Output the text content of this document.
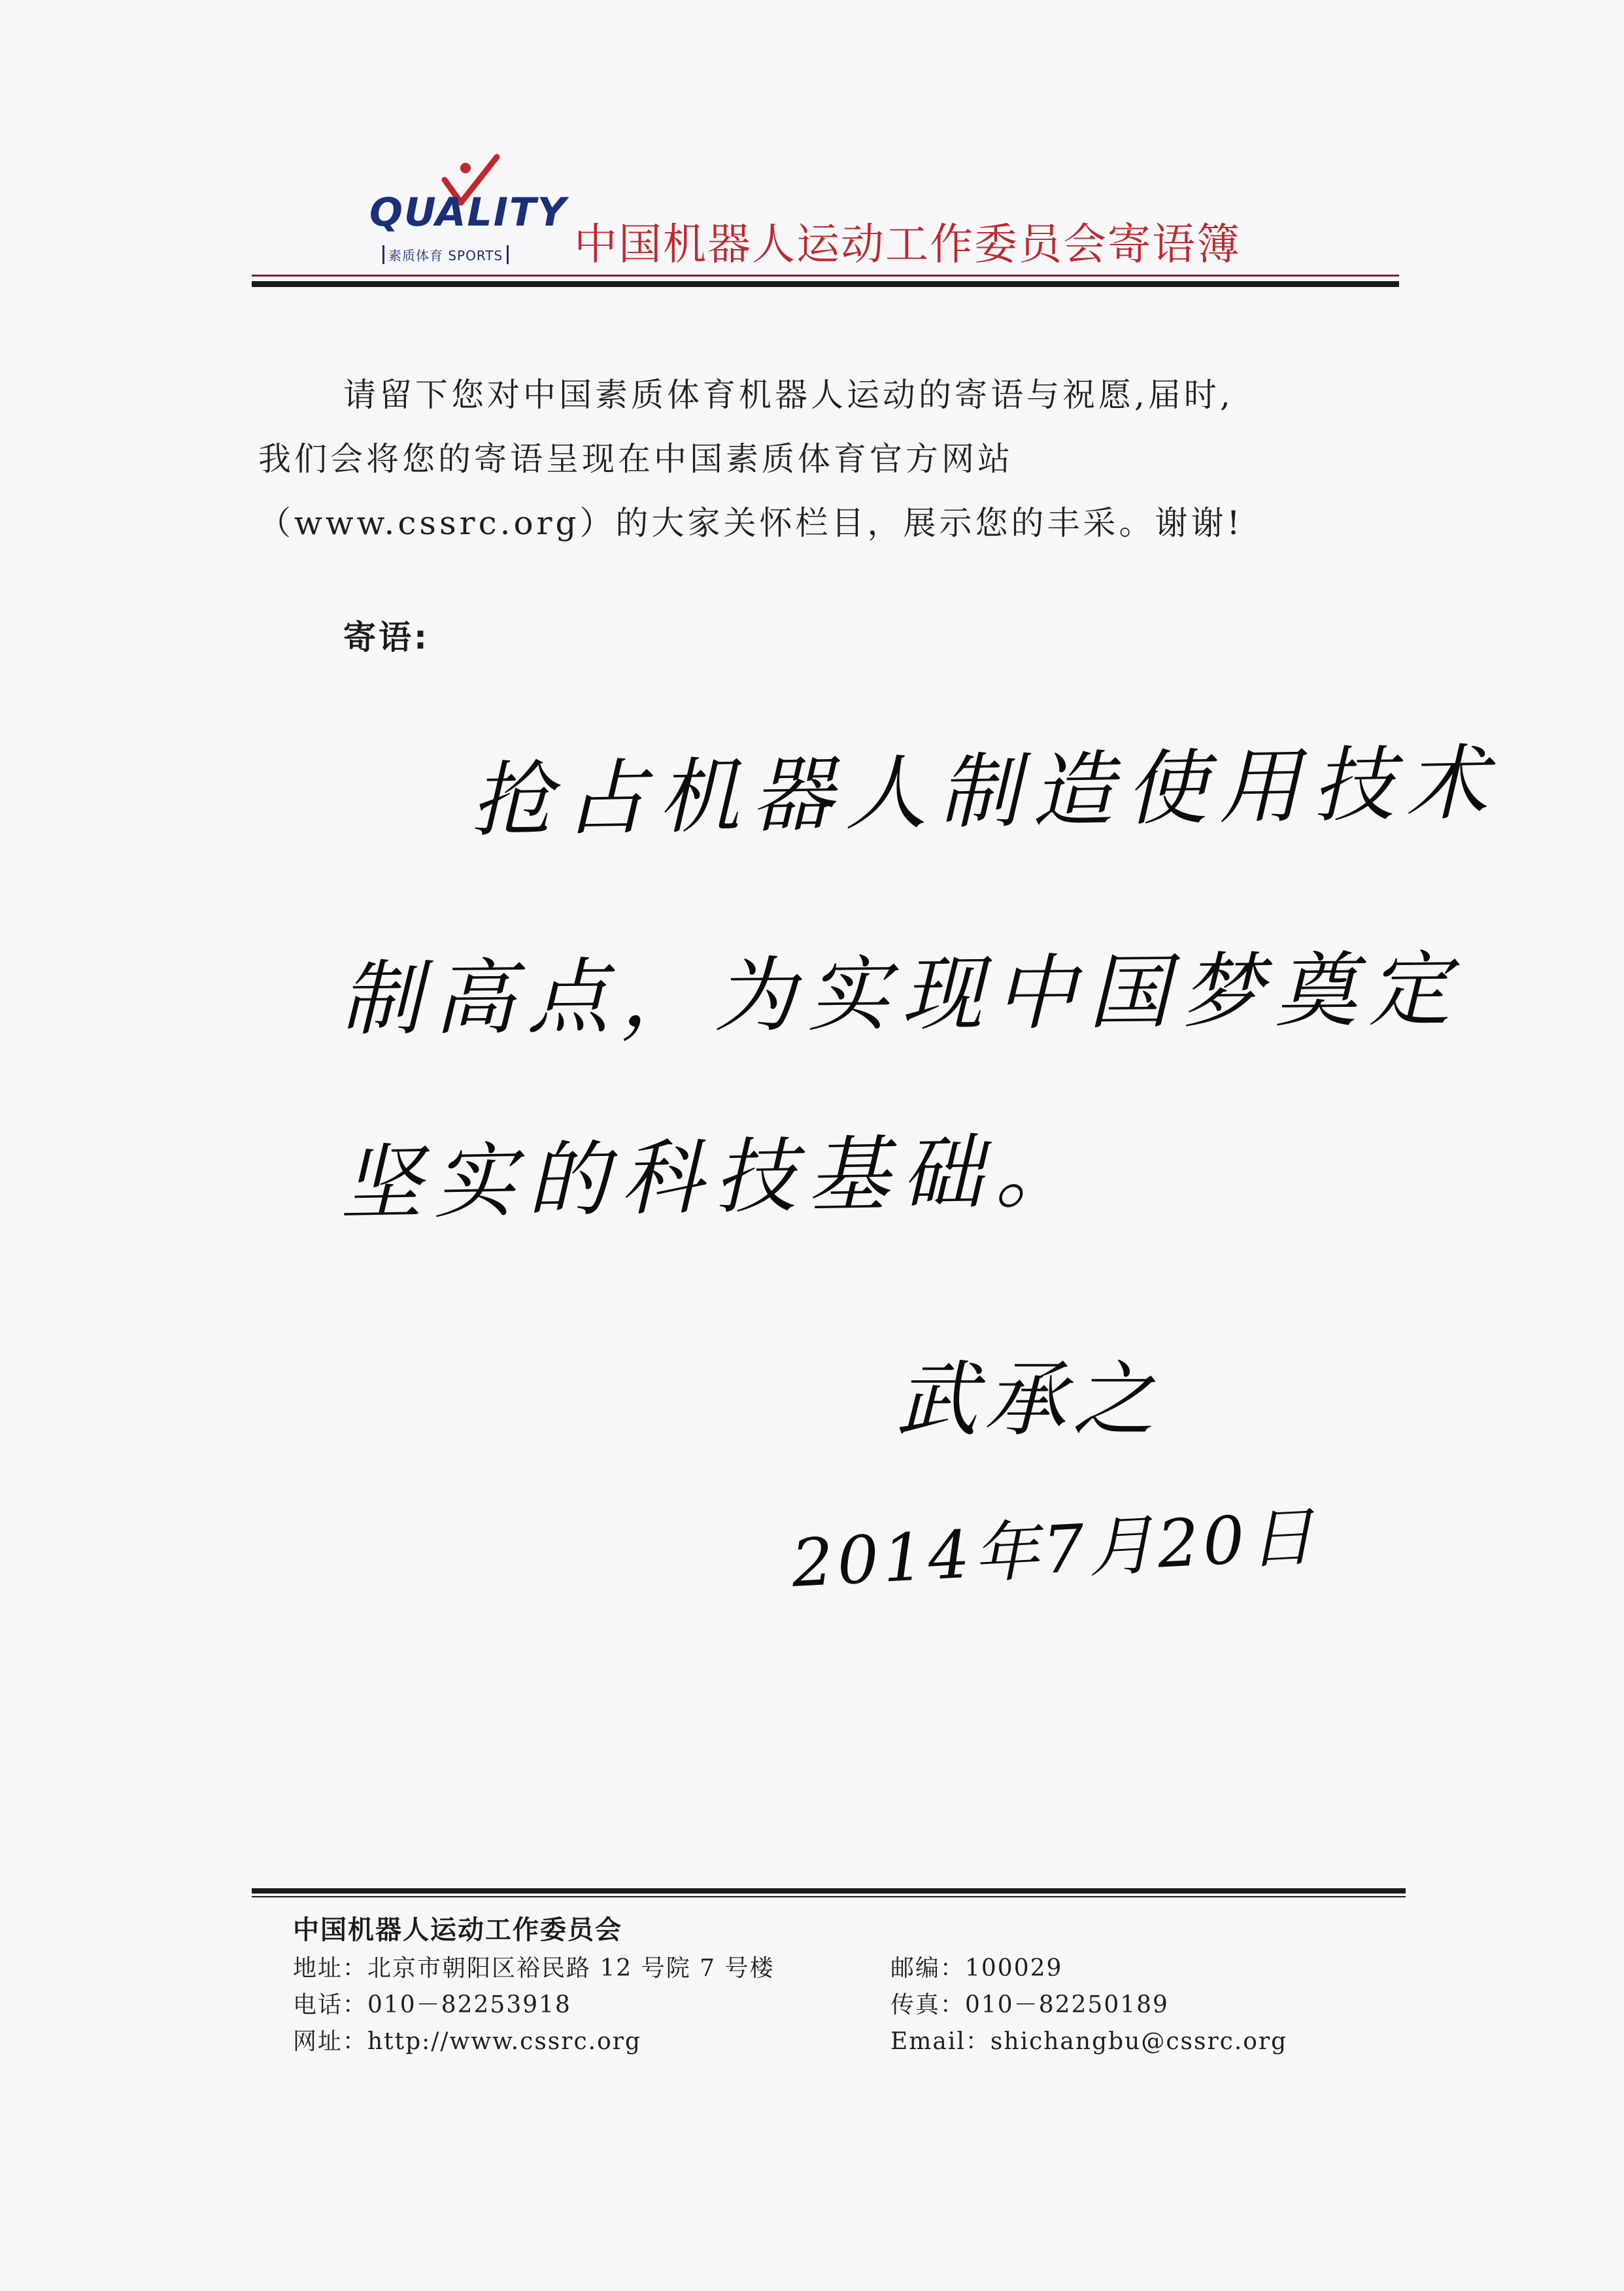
QUALITY
素质体育 SPORTS 中国机器人运动工作委员会寄语簿
请留下您对中国素质体育机器人运动的寄语与祝愿,届时,
我们会将您的寄语呈现在中国素质体育官方网站
（www.cssrc.org）的大家关怀栏目，展示您的丰采。谢谢!
寄语:
抢占机器人制造使用技术
制高点，为实现中国梦奠定
坚实的科技基础。
武承之
2014年7月20日
中国机器人运动工作委员会
地址：北京市朝阳区裕民路 12 号院 7 号楼
电话：010－82253918
网址：http://www.cssrc.org
邮编：100029
传真：010－82250189
Email：shichangbu@cssrc.org
